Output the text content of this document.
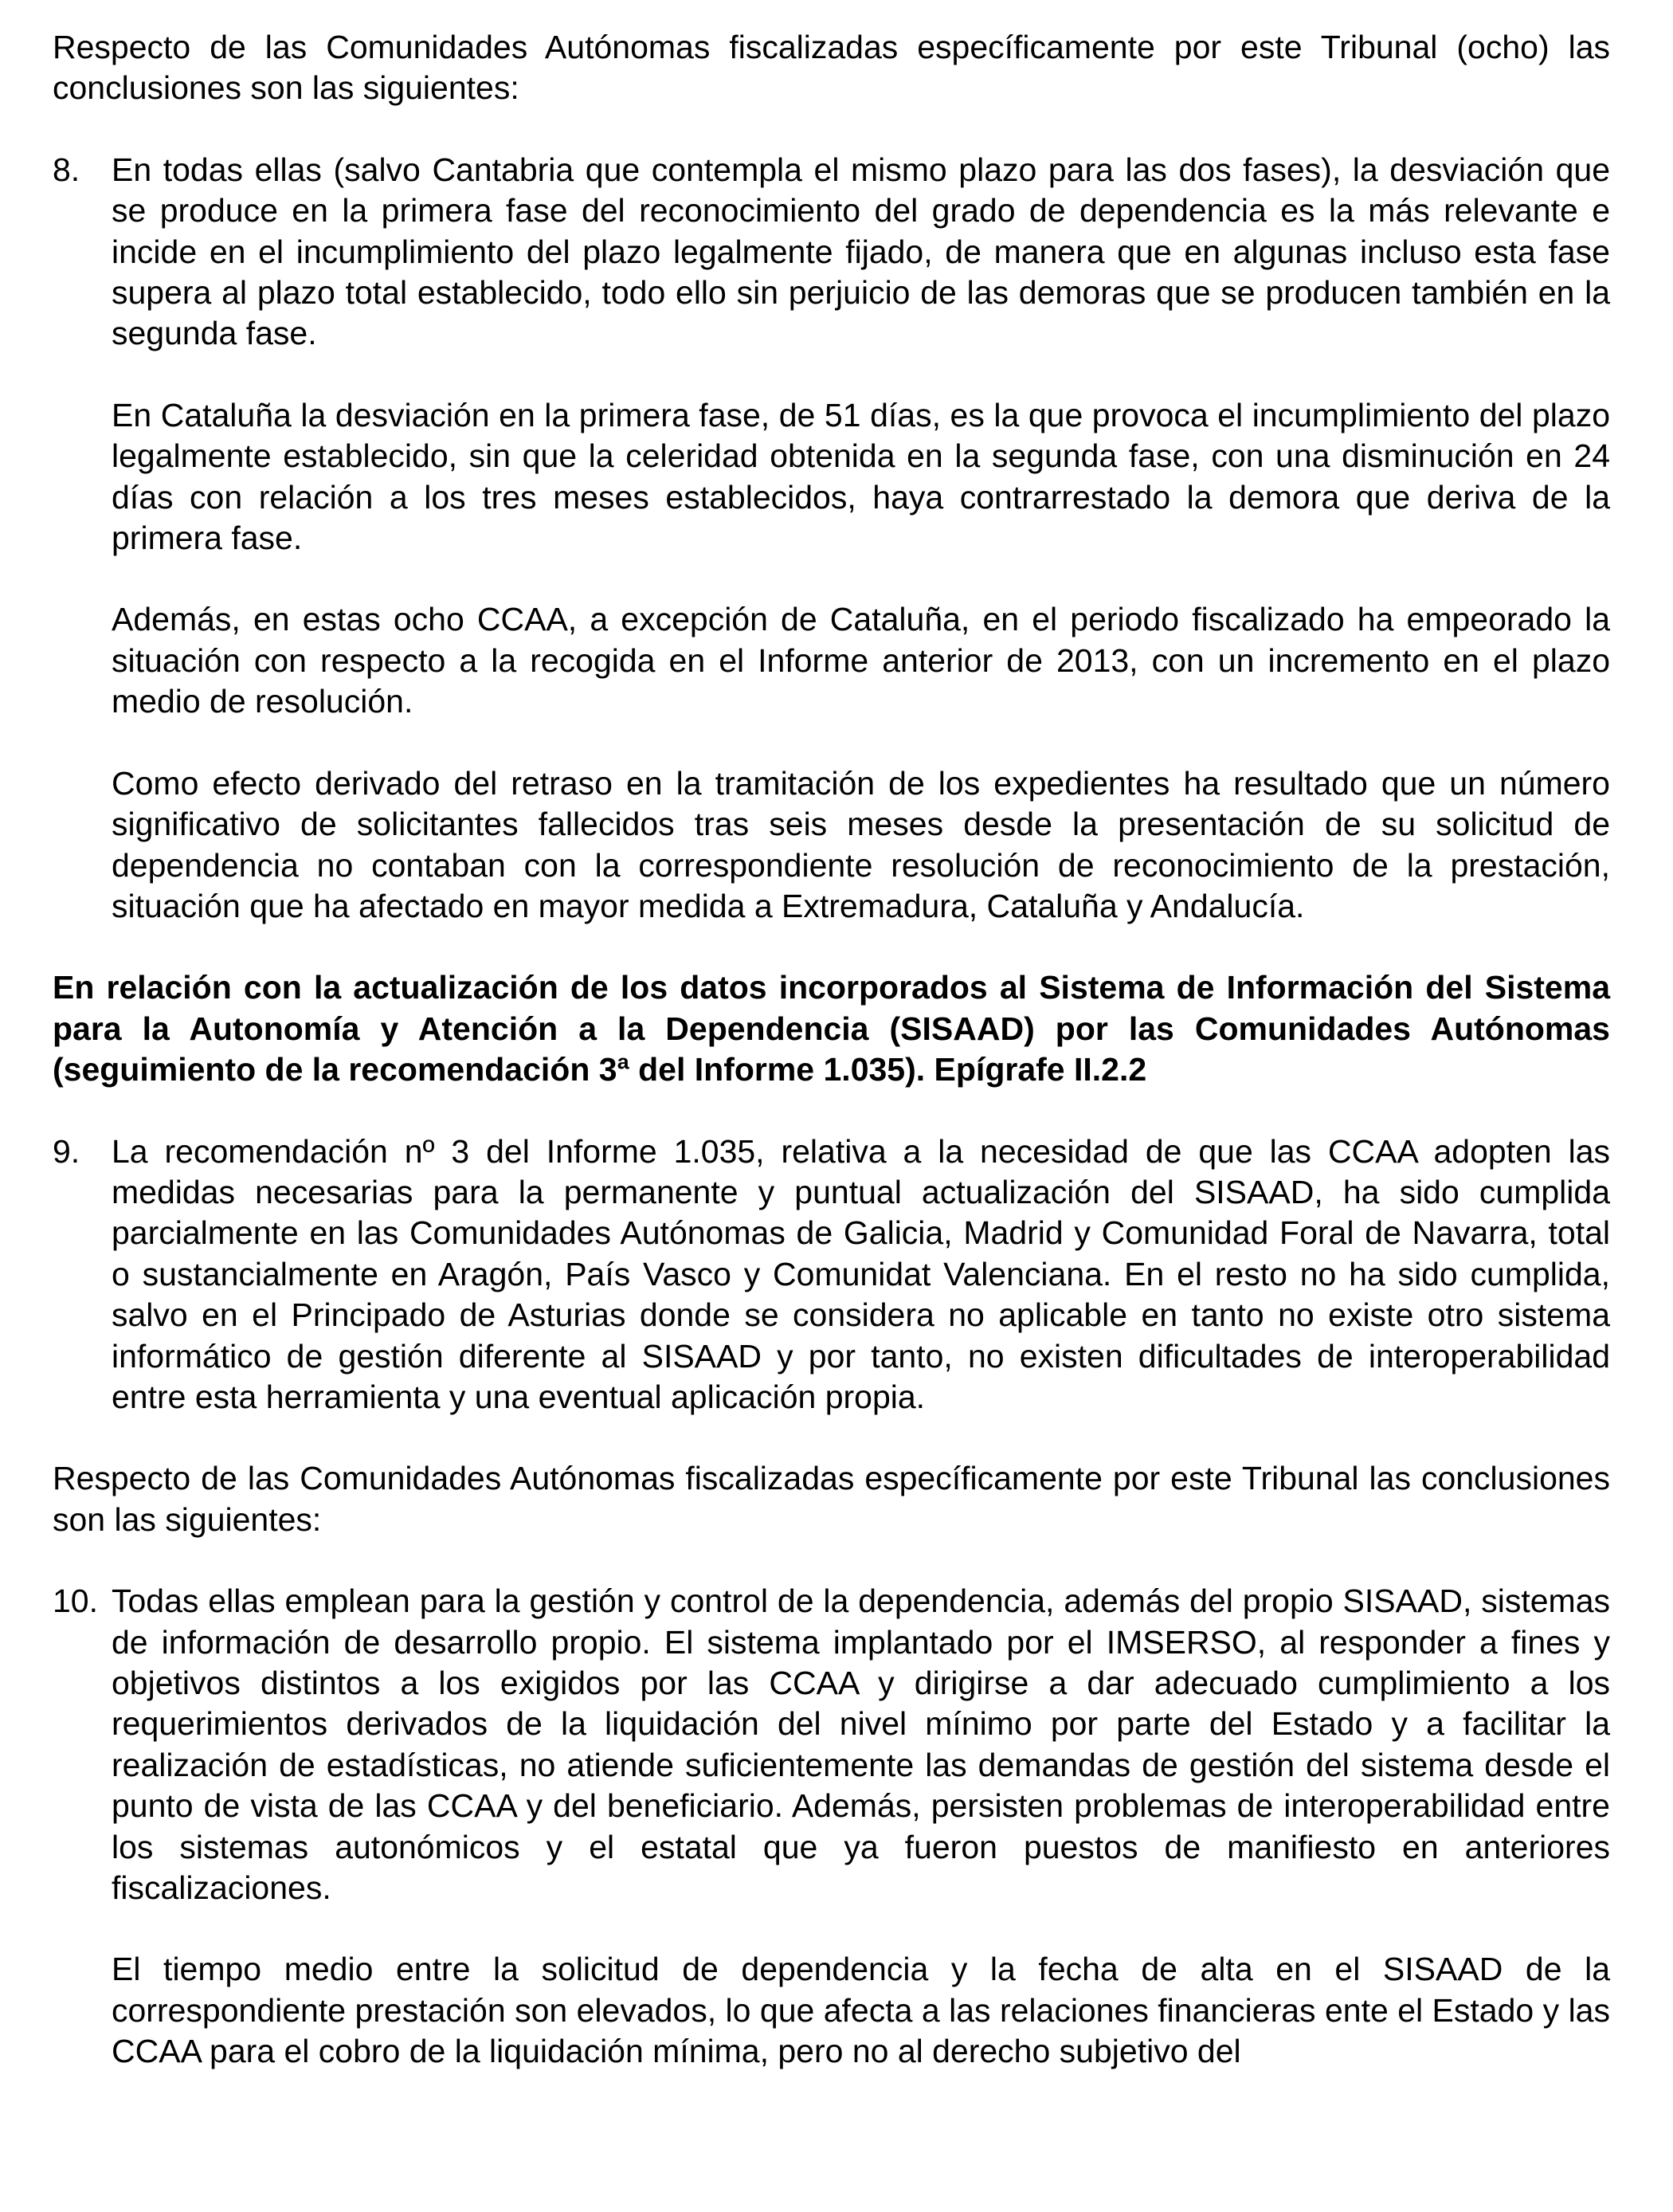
Respecto de las Comunidades Autónomas fiscalizadas específicamente por este Tribunal (ocho) las conclusiones son las siguientes:

8. En todas ellas (salvo Cantabria que contempla el mismo plazo para las dos fases), la desviación que se produce en la primera fase del reconocimiento del grado de dependencia es la más relevante e incide en el incumplimiento del plazo legalmente fijado, de manera que en algunas incluso esta fase supera al plazo total establecido, todo ello sin perjuicio de las demoras que se producen también en la segunda fase.

En Cataluña la desviación en la primera fase, de 51 días, es la que provoca el incumplimiento del plazo legalmente establecido, sin que la celeridad obtenida en la segunda fase, con una disminución en 24 días con relación a los tres meses establecidos, haya contrarrestado la demora que deriva de la primera fase.

Además, en estas ocho CCAA, a excepción de Cataluña, en el periodo fiscalizado ha empeorado la situación con respecto a la recogida en el Informe anterior de 2013, con un incremento en el plazo medio de resolución.

Como efecto derivado del retraso en la tramitación de los expedientes ha resultado que un número significativo de solicitantes fallecidos tras seis meses desde la presentación de su solicitud de dependencia no contaban con la correspondiente resolución de reconocimiento de la prestación, situación que ha afectado en mayor medida a Extremadura, Cataluña y Andalucía.

En relación con la actualización de los datos incorporados al Sistema de Información del Sistema para la Autonomía y Atención a la Dependencia (SISAAD) por las Comunidades Autónomas (seguimiento de la recomendación 3ª del Informe 1.035). Epígrafe II.2.2

9. La recomendación nº 3 del Informe 1.035, relativa a la necesidad de que las CCAA adopten las medidas necesarias para la permanente y puntual actualización del SISAAD, ha sido cumplida parcialmente en las Comunidades Autónomas de Galicia, Madrid y Comunidad Foral de Navarra, total o sustancialmente en Aragón, País Vasco y Comunidat Valenciana. En el resto no ha sido cumplida, salvo en el Principado de Asturias donde se considera no aplicable en tanto no existe otro sistema informático de gestión diferente al SISAAD y por tanto, no existen dificultades de interoperabilidad entre esta herramienta y una eventual aplicación propia.

Respecto de las Comunidades Autónomas fiscalizadas específicamente por este Tribunal las conclusiones son las siguientes:

10. Todas ellas emplean para la gestión y control de la dependencia, además del propio SISAAD, sistemas de información de desarrollo propio. El sistema implantado por el IMSERSO, al responder a fines y objetivos distintos a los exigidos por las CCAA y dirigirse a dar adecuado cumplimiento a los requerimientos derivados de la liquidación del nivel mínimo por parte del Estado y a facilitar la realización de estadísticas, no atiende suficientemente las demandas de gestión del sistema desde el punto de vista de las CCAA y del beneficiario. Además, persisten problemas de interoperabilidad entre los sistemas autonómicos y el estatal que ya fueron puestos de manifiesto en anteriores fiscalizaciones.

El tiempo medio entre la solicitud de dependencia y la fecha de alta en el SISAAD de la correspondiente prestación son elevados, lo que afecta a las relaciones financieras ente el Estado y las CCAA para el cobro de la liquidación mínima, pero no al derecho subjetivo del
